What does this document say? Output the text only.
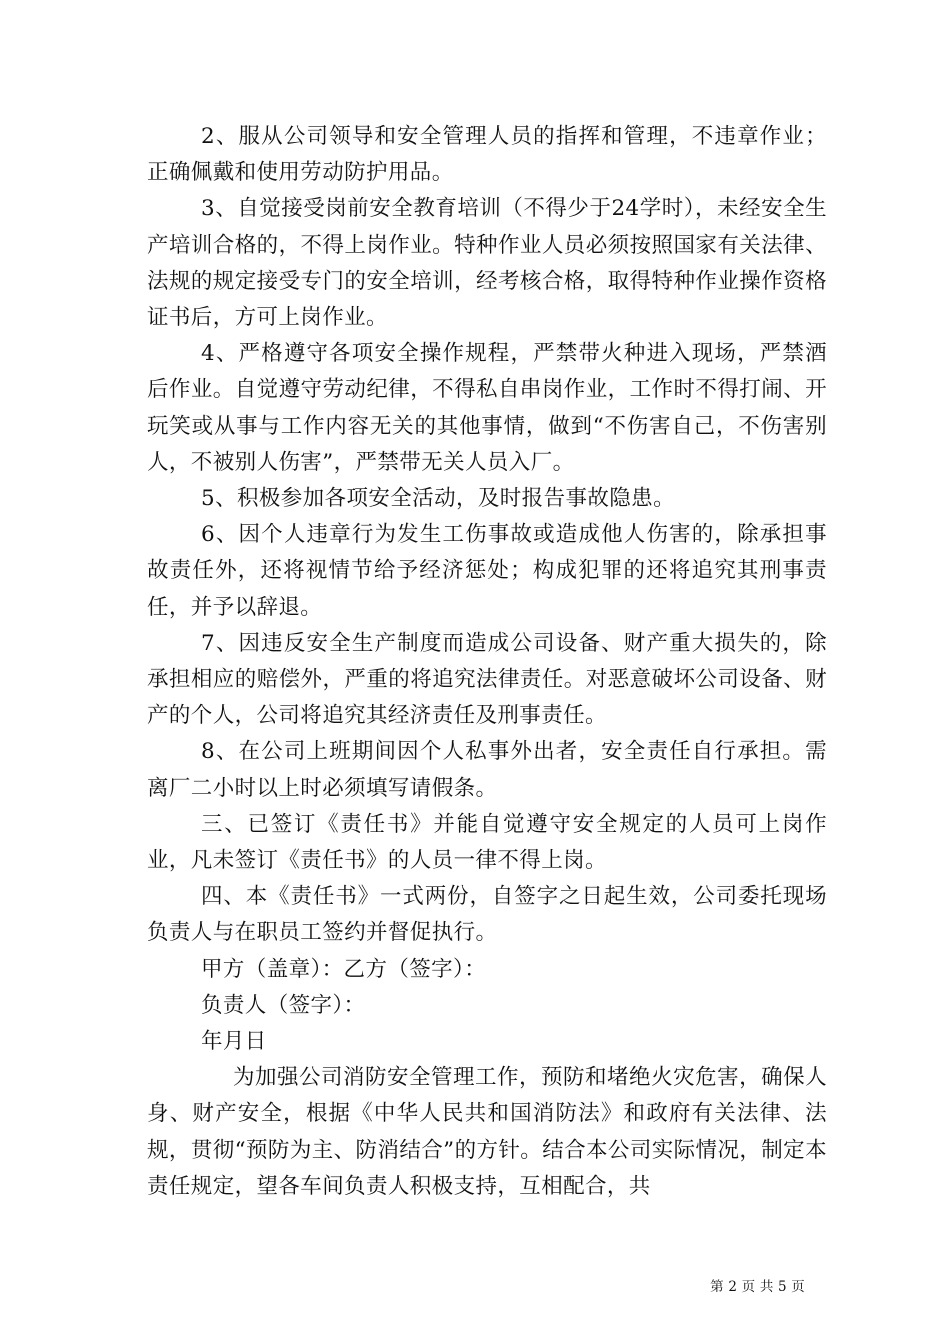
2、服从公司领导和安全管理人员的指挥和管理，不违章作业；正确佩戴和使用劳动防护用品。

3、自觉接受岗前安全教育培训（不得少于24学时），未经安全生产培训合格的，不得上岗作业。特种作业人员必须按照国家有关法律、法规的规定接受专门的安全培训，经考核合格，取得特种作业操作资格证书后，方可上岗作业。

4、严格遵守各项安全操作规程，严禁带火种进入现场，严禁酒后作业。自觉遵守劳动纪律，不得私自串岗作业，工作时不得打闹、开玩笑或从事与工作内容无关的其他事情，做到“不伤害自己，不伤害别人，不被别人伤害”，严禁带无关人员入厂。

5、积极参加各项安全活动，及时报告事故隐患。

6、因个人违章行为发生工伤事故或造成他人伤害的，除承担事故责任外，还将视情节给予经济惩处；构成犯罪的还将追究其刑事责任，并予以辞退。

7、因违反安全生产制度而造成公司设备、财产重大损失的，除承担相应的赔偿外，严重的将追究法律责任。对恶意破坏公司设备、财产的个人，公司将追究其经济责任及刑事责任。

8、在公司上班期间因个人私事外出者，安全责任自行承担。需离厂二小时以上时必须填写请假条。

三、已签订《责任书》并能自觉遵守安全规定的人员可上岗作业，凡未签订《责任书》的人员一律不得上岗。

四、本《责任书》一式两份，自签字之日起生效，公司委托现场负责人与在职员工签约并督促执行。

甲方（盖章）：乙方（签字）：

负责人（签字）：

年月日

为加强公司消防安全管理工作，预防和堵绝火灾危害，确保人身、财产安全，根据《中华人民共和国消防法》和政府有关法律、法规，贯彻“预防为主、防消结合”的方针。结合本公司实际情况，制定本责任规定，望各车间负责人积极支持，互相配合，共

第 2 页 共 5 页
